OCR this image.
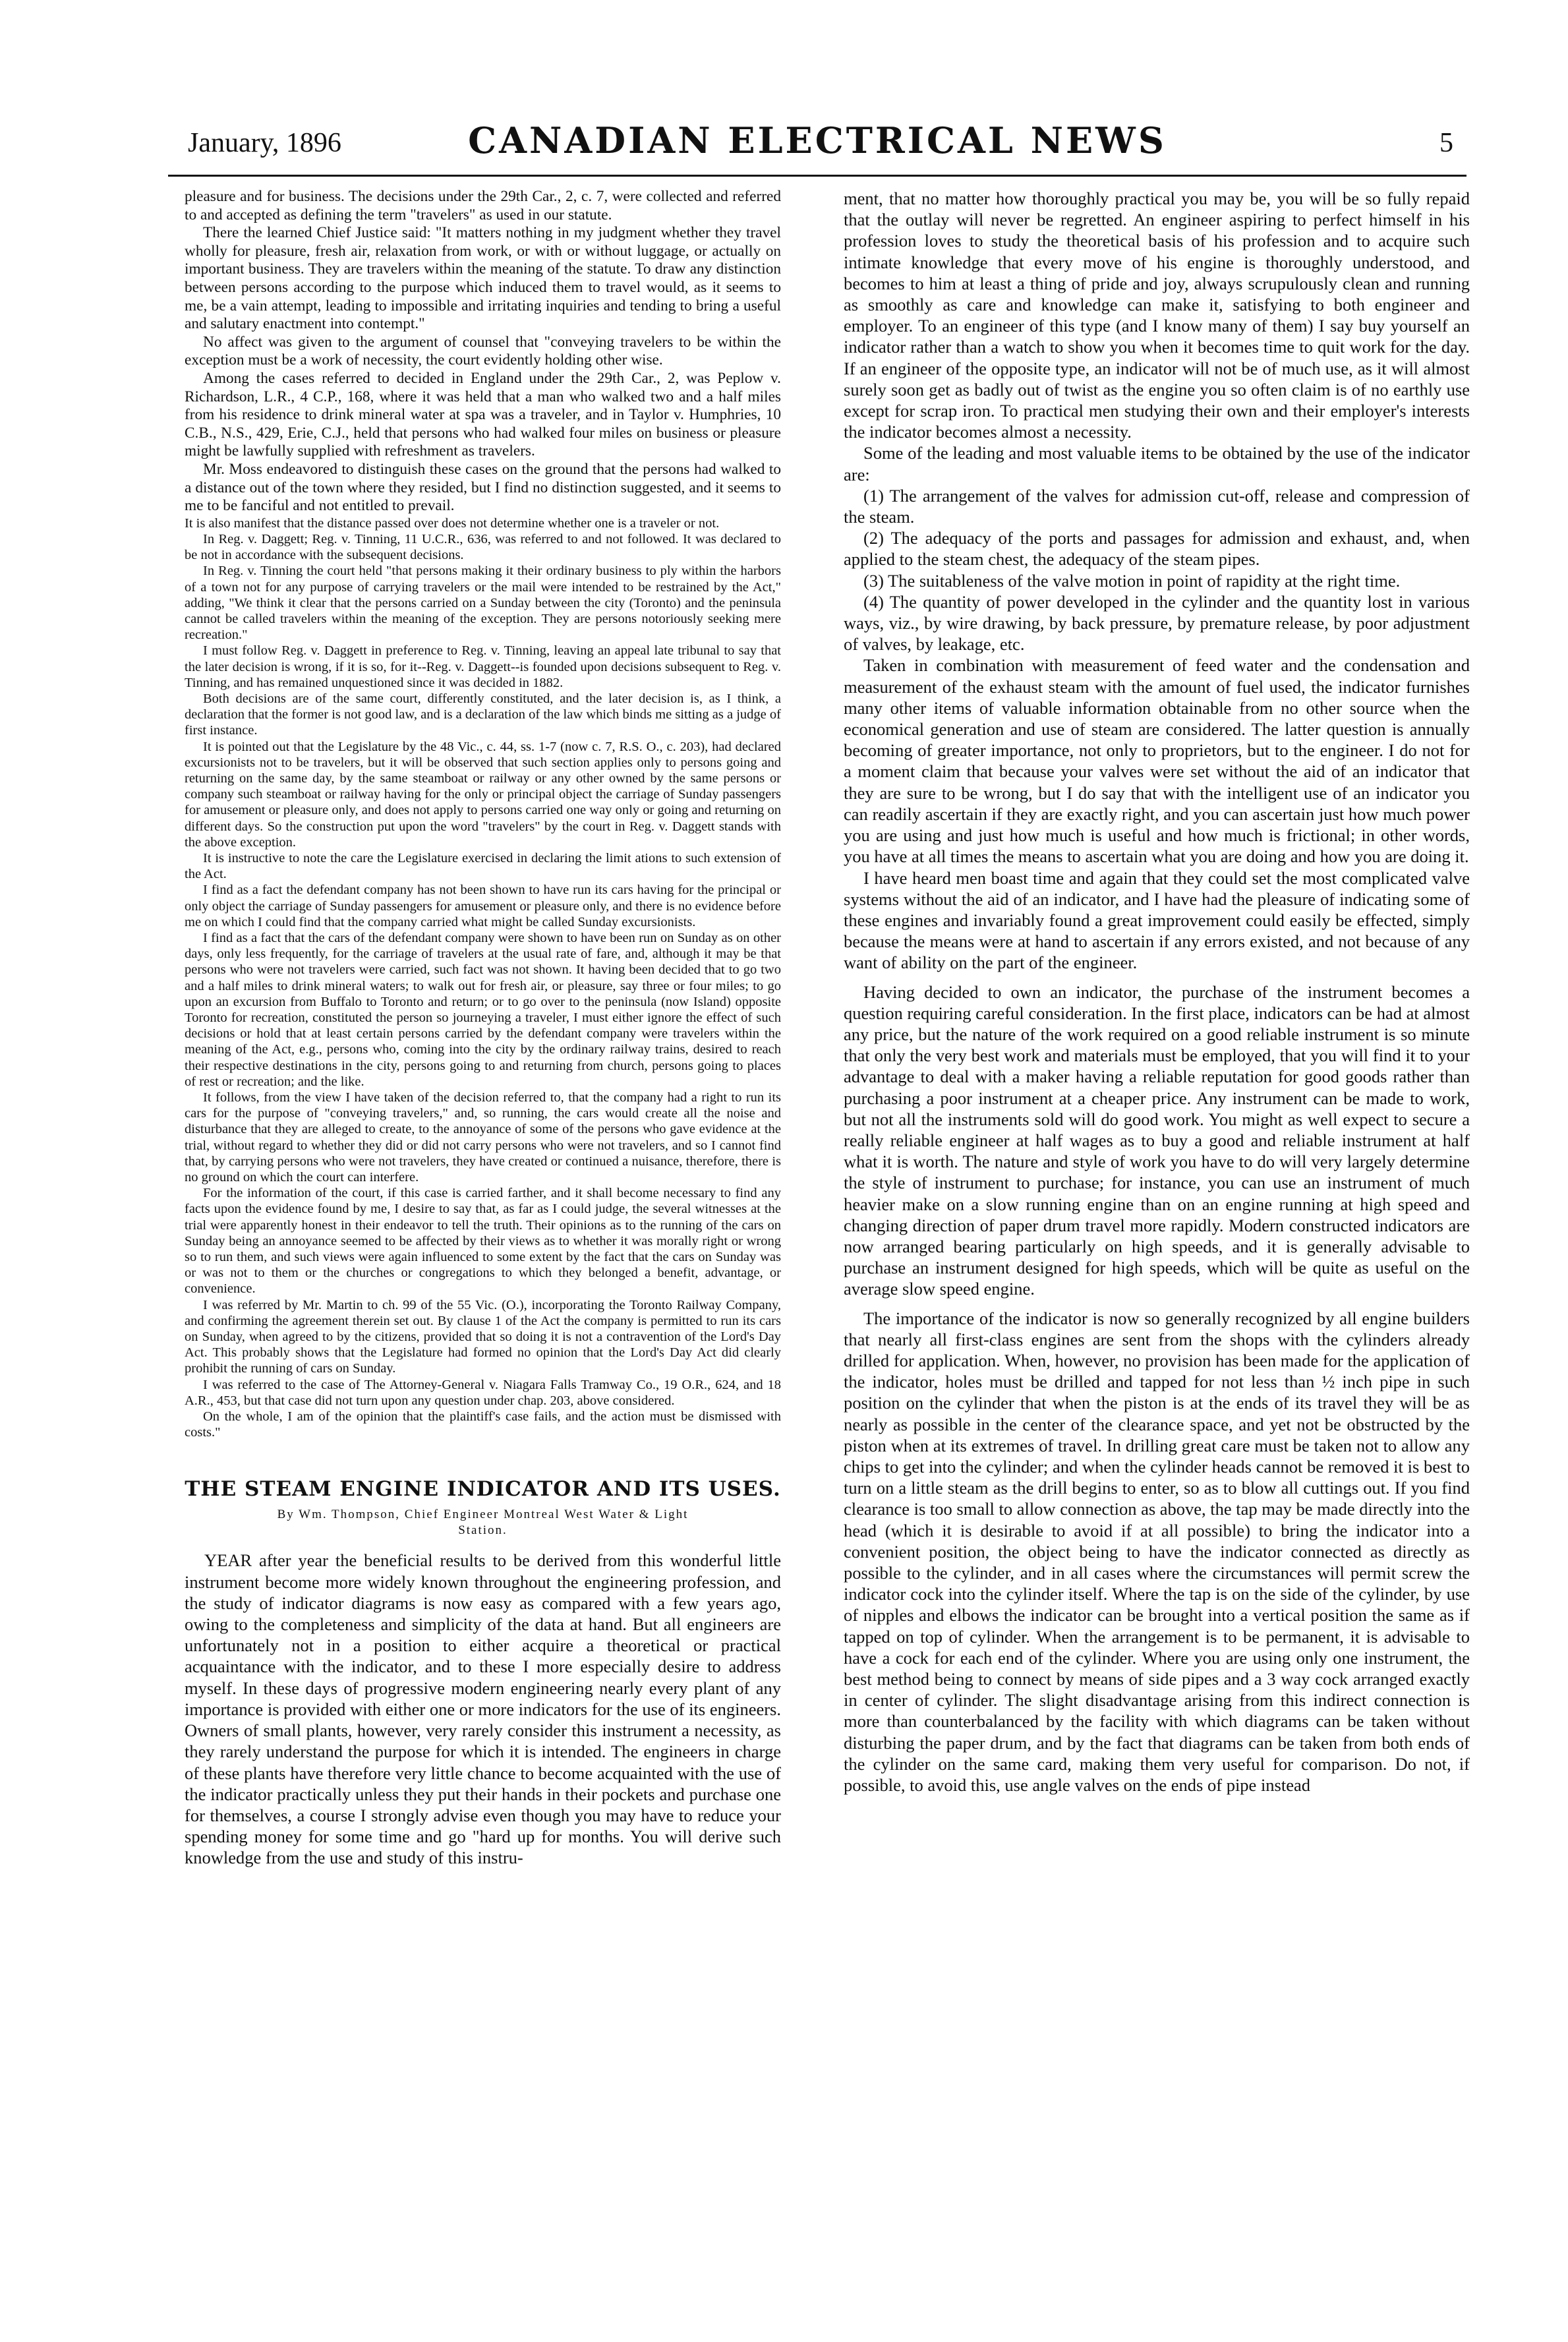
January, 1896	CANADIAN ELECTRICAL NEWS	5

pleasure and for business. The decisions under the 29th Car., 2, c. 7, were collected and referred to and accepted as defining the term "travelers" as used in our statute.

There the learned Chief Justice said: "It matters nothing in my judgment whether they travel wholly for pleasure, fresh air, relaxation from work, or with or without luggage, or actually on important business. They are travelers within the meaning of the statute. To draw any distinction between persons according to the purpose which induced them to travel would, as it seems to me, be a vain attempt, leading to impossible and irritating inquiries and tending to bring a useful and salutary enactment into contempt."

No affect was given to the argument of counsel that "conveying travelers to be within the exception must be a work of necessity, the court evidently holding other wise.

Among the cases referred to decided in England under the 29th Car., 2, was Peplow v. Richardson, L.R., 4 C.P., 168, where it was held that a man who walked two and a half miles from his residence to drink mineral water at spa was a traveler, and in Taylor v. Humphries, 10 C.B., N.S., 429, Erie, C.J., held that persons who had walked four miles on business or pleasure might be lawfully supplied with refreshment as travelers.

Mr. Moss endeavored to distinguish these cases on the ground that the persons had walked to a distance out of the town where they resided, but I find no distinction suggested, and it seems to me to be fanciful and not entitled to prevail.

It is also manifest that the distance passed over does not determine whether one is a traveler or not.

In Reg. v. Daggett; Reg. v. Tinning, 11 U.C.R., 636, was referred to and not followed. It was declared to be not in accordance with the subsequent decisions.

In Reg. v. Tinning the court held "that persons making it their ordinary business to ply within the harbors of a town not for any purpose of carrying travelers or the mail were intended to be restrained by the Act," adding, "We think it clear that the persons carried on a Sunday between the city (Toronto) and the peninsula cannot be called travelers within the meaning of the exception. They are persons notoriously seeking mere recreation."

I must follow Reg. v. Daggett in preference to Reg. v. Tinning, leaving an appeal late tribunal to say that the later decision is wrong, if it is so, for it--Reg. v. Daggett--is founded upon decisions subsequent to Reg. v. Tinning, and has remained unquestioned since it was decided in 1882.

Both decisions are of the same court, differently constituted, and the later decision is, as I think, a declaration that the former is not good law, and is a declaration of the law which binds me sitting as a judge of first instance.

It is pointed out that the Legislature by the 48 Vic., c. 44, ss. 1-7 (now c. 7, R.S. O., c. 203), had declared excursionists not to be travelers, but it will be observed that such section applies only to persons going and returning on the same day, by the same steamboat or railway or any other owned by the same persons or company such steamboat or railway having for the only or principal object the carriage of Sunday passengers for amusement or pleasure only, and does not apply to persons carried one way only or going and returning on different days. So the construction put upon the word "travelers" by the court in Reg. v. Daggett stands with the above exception.

It is instructive to note the care the Legislature exercised in declaring the limit ations to such extension of the Act.

I find as a fact the defendant company has not been shown to have run its cars having for the principal or only object the carriage of Sunday passengers for amusement or pleasure only, and there is no evidence before me on which I could find that the company carried what might be called Sunday excursionists.

I find as a fact that the cars of the defendant company were shown to have been run on Sunday as on other days, only less frequently, for the carriage of travelers at the usual rate of fare, and, although it may be that persons who were not travelers were carried, such fact was not shown. It having been decided that to go two and a half miles to drink mineral waters; to walk out for fresh air, or pleasure, say three or four miles; to go upon an excursion from Buffalo to Toronto and return; or to go over to the peninsula (now Island) opposite Toronto for recreation, constituted the person so journeying a traveler, I must either ignore the effect of such decisions or hold that at least certain persons carried by the defendant company were travelers within the meaning of the Act, e.g., persons who, coming into the city by the ordinary railway trains, desired to reach their respective destinations in the city, persons going to and returning from church, persons going to places of rest or recreation; and the like.

It follows, from the view I have taken of the decision referred to, that the company had a right to run its cars for the purpose of "conveying travelers," and, so running, the cars would create all the noise and disturbance that they are alleged to create, to the annoyance of some of the persons who gave evidence at the trial, without regard to whether they did or did not carry persons who were not travelers, and so I cannot find that, by carrying persons who were not travelers, they have created or continued a nuisance, therefore, there is no ground on which the court can interfere.

For the information of the court, if this case is carried farther, and it shall become necessary to find any facts upon the evidence found by me, I desire to say that, as far as I could judge, the several witnesses at the trial were apparently honest in their endeavor to tell the truth. Their opinions as to the running of the cars on Sunday being an annoyance seemed to be affected by their views as to whether it was morally right or wrong so to run them, and such views were again influenced to some extent by the fact that the cars on Sunday was or was not to them or the churches or congregations to which they belonged a benefit, advantage, or convenience.

I was referred by Mr. Martin to ch. 99 of the 55 Vic. (O.), incorporating the Toronto Railway Company, and confirming the agreement therein set out. By clause 1 of the Act the company is permitted to run its cars on Sunday, when agreed to by the citizens, provided that so doing it is not a contravention of the Lord's Day Act. This probably shows that the Legislature had formed no opinion that the Lord's Day Act did clearly prohibit the running of cars on Sunday.

I was referred to the case of The Attorney-General v. Niagara Falls Tramway Co., 19 O.R., 624, and 18 A.R., 453, but that case did not turn upon any question under chap. 203, above considered.

On the whole, I am of the opinion that the plaintiff's case fails, and the action must be dismissed with costs."

THE STEAM ENGINE INDICATOR AND ITS USES.

By Wm. Thompson, Chief Engineer Montreal West Water & Light

Station.

YEAR after year the beneficial results to be derived from this wonderful little instrument become more widely known throughout the engineering profession, and the study of indicator diagrams is now easy as compared with a few years ago, owing to the completeness and simplicity of the data at hand. But all engineers are unfortunately not in a position to either acquire a theoretical or practical acquaintance with the indicator, and to these I more especially desire to address myself. In these days of progressive modern engineering nearly every plant of any importance is provided with either one or more indicators for the use of its engineers. Owners of small plants, however, very rarely consider this instrument a necessity, as they rarely understand the purpose for which it is intended. The engineers in charge of these plants have therefore very little chance to become acquainted with the use of the indicator practically unless they put their hands in their pockets and purchase one for themselves, a course I strongly advise even though you may have to reduce your spending money for some time and go "hard up for months. You will derive such knowledge from the use and study of this instru-

ment, that no matter how thoroughly practical you may be, you will be so fully repaid that the outlay will never be regretted. An engineer aspiring to perfect himself in his profession loves to study the theoretical basis of his profession and to acquire such intimate knowledge that every move of his engine is thoroughly understood, and becomes to him at least a thing of pride and joy, always scrupulously clean and running as smoothly as care and knowledge can make it, satisfying to both engineer and employer. To an engineer of this type (and I know many of them) I say buy yourself an indicator rather than a watch to show you when it becomes time to quit work for the day. If an engineer of the opposite type, an indicator will not be of much use, as it will almost surely soon get as badly out of twist as the engine you so often claim is of no earthly use except for scrap iron. To practical men studying their own and their employer's interests the indicator becomes almost a necessity.

Some of the leading and most valuable items to be obtained by the use of the indicator are:

(1) The arrangement of the valves for admission cut-off, release and compression of the steam.

(2) The adequacy of the ports and passages for admission and exhaust, and, when applied to the steam chest, the adequacy of the steam pipes.

(3) The suitableness of the valve motion in point of rapidity at the right time.

(4) The quantity of power developed in the cylinder and the quantity lost in various ways, viz., by wire drawing, by back pressure, by premature release, by poor adjustment of valves, by leakage, etc.

Taken in combination with measurement of feed water and the condensation and measurement of the exhaust steam with the amount of fuel used, the indicator furnishes many other items of valuable information obtainable from no other source when the economical generation and use of steam are considered. The latter question is annually becoming of greater importance, not only to proprietors, but to the engineer. I do not for a moment claim that because your valves were set without the aid of an indicator that they are sure to be wrong, but I do say that with the intelligent use of an indicator you can readily ascertain if they are exactly right, and you can ascertain just how much power you are using and just how much is useful and how much is frictional; in other words, you have at all times the means to ascertain what you are doing and how you are doing it.

I have heard men boast time and again that they could set the most complicated valve systems without the aid of an indicator, and I have had the pleasure of indicating some of these engines and invariably found a great improvement could easily be effected, simply because the means were at hand to ascertain if any errors existed, and not because of any want of ability on the part of the engineer.

Having decided to own an indicator, the purchase of the instrument becomes a question requiring careful consideration. In the first place, indicators can be had at almost any price, but the nature of the work required on a good reliable instrument is so minute that only the very best work and materials must be employed, that you will find it to your advantage to deal with a maker having a reliable reputation for good goods rather than purchasing a poor instrument at a cheaper price. Any instrument can be made to work, but not all the instruments sold will do good work. You might as well expect to secure a really reliable engineer at half wages as to buy a good and reliable instrument at half what it is worth. The nature and style of work you have to do will very largely determine the style of instrument to purchase; for instance, you can use an instrument of much heavier make on a slow running engine than on an engine running at high speed and changing direction of paper drum travel more rapidly. Modern constructed indicators are now arranged bearing particularly on high speeds, and it is generally advisable to purchase an instrument designed for high speeds, which will be quite as useful on the average slow speed engine.

The importance of the indicator is now so generally recognized by all engine builders that nearly all first-class engines are sent from the shops with the cylinders already drilled for application. When, however, no provision has been made for the application of the indicator, holes must be drilled and tapped for not less than ½ inch pipe in such position on the cylinder that when the piston is at the ends of its travel they will be as nearly as possible in the center of the clearance space, and yet not be obstructed by the piston when at its extremes of travel. In drilling great care must be taken not to allow any chips to get into the cylinder; and when the cylinder heads cannot be removed it is best to turn on a little steam as the drill begins to enter, so as to blow all cuttings out. If you find clearance is too small to allow connection as above, the tap may be made directly into the head (which it is desirable to avoid if at all possible) to bring the indicator into a convenient position, the object being to have the indicator connected as directly as possible to the cylinder, and in all cases where the circumstances will permit screw the indicator cock into the cylinder itself. Where the tap is on the side of the cylinder, by use of nipples and elbows the indicator can be brought into a vertical position the same as if tapped on top of cylinder. When the arrangement is to be permanent, it is advisable to have a cock for each end of the cylinder. Where you are using only one instrument, the best method being to connect by means of side pipes and a 3 way cock arranged exactly in center of cylinder. The slight disadvantage arising from this indirect connection is more than counterbalanced by the facility with which diagrams can be taken without disturbing the paper drum, and by the fact that diagrams can be taken from both ends of the cylinder on the same card, making them very useful for comparison. Do not, if possible, to avoid this, use angle valves on the ends of pipe instead
